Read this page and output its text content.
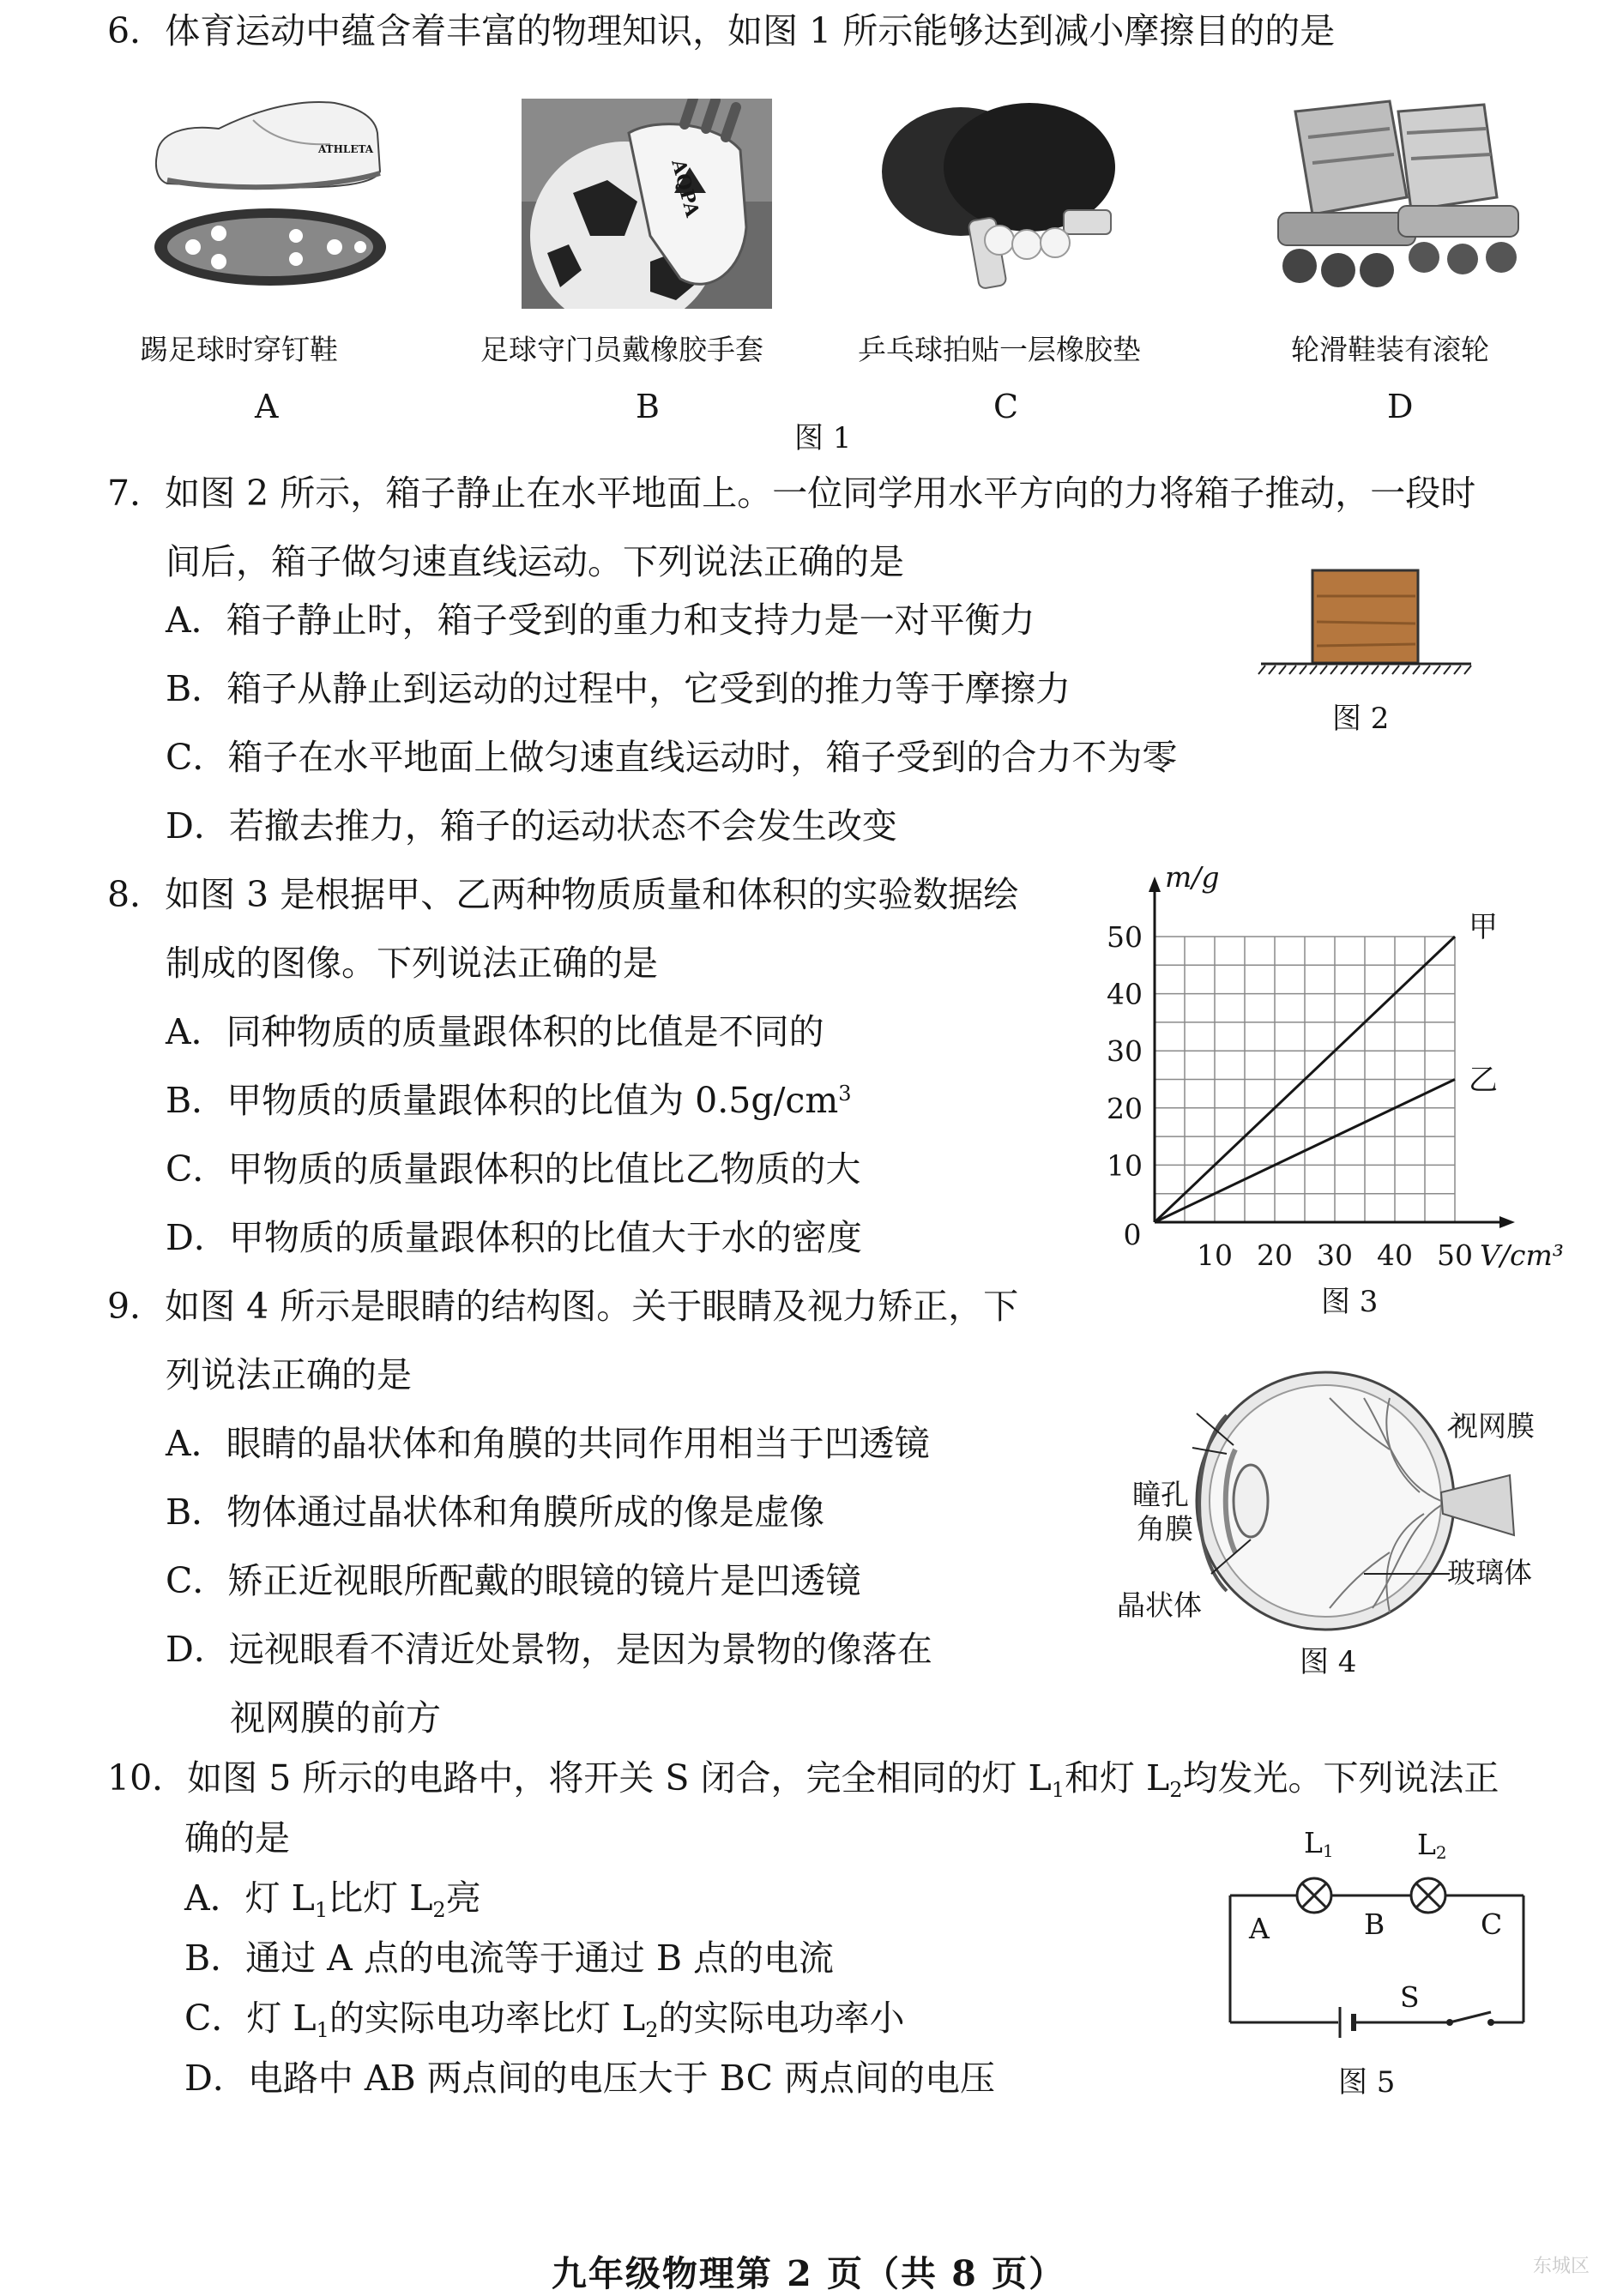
6．体育运动中蕴含着丰富的物理知识，如图 1 所示能够达到减小摩擦目的的是
ATHLETA
AQPA
踢足球时穿钉鞋	足球守门员戴橡胶手套	乒乓球拍贴一层橡胶垫	轮滑鞋装有滚轮
A	B	C	D
图 1
7．如图 2 所示，箱子静止在水平地面上。一位同学用水平方向的力将箱子推动，一段时
间后，箱子做匀速直线运动。下列说法正确的是
A．箱子静止时，箱子受到的重力和支持力是一对平衡力
B．箱子从静止到运动的过程中，它受到的推力等于摩擦力
C．箱子在水平地面上做匀速直线运动时，箱子受到的合力不为零
D．若撤去推力，箱子的运动状态不会发生改变
图 2
8．如图 3 是根据甲、乙两种物质质量和体积的实验数据绘
制成的图像。下列说法正确的是
A．同种物质的质量跟体积的比值是不同的
B．甲物质的质量跟体积的比值为 $0.5g/cm^3$
C．甲物质的质量跟体积的比值比乙物质的大
D．甲物质的质量跟体积的比值大于水的密度
甲
乙
10 20 30 40 50
10
20
30
40
50
0
V/cm³
m/g
图 3
9．如图 4 所示是眼睛的结构图。关于眼睛及视力矫正，下
列说法正确的是
A．眼睛的晶状体和角膜的共同作用相当于凹透镜
B．物体通过晶状体和角膜所成的像是虚像
C．矫正近视眼所配戴的眼镜的镜片是凹透镜
D．远视眼看不清近处景物，是因为景物的像落在
视网膜的前方
视网膜
瞳孔
角膜
玻璃体
晶状体
图 4
10．如图 5 所示的电路中，将开关 S 闭合，完全相同的灯 $L_1$和灯 $L_2$均发光。下列说法正
确的是
A．灯 $L_1$比灯 $L_2$亮
B．通过 A 点的电流等于通过 B 点的电流
C．灯 $L_1$的实际电功率比灯 $L_2$的实际电功率小
D．电路中 AB 两点间的电压大于 BC 两点间的电压
L1	L2
A	B	C
S
图 5
九年级物理第 2 页（共 8 页）	东城区
